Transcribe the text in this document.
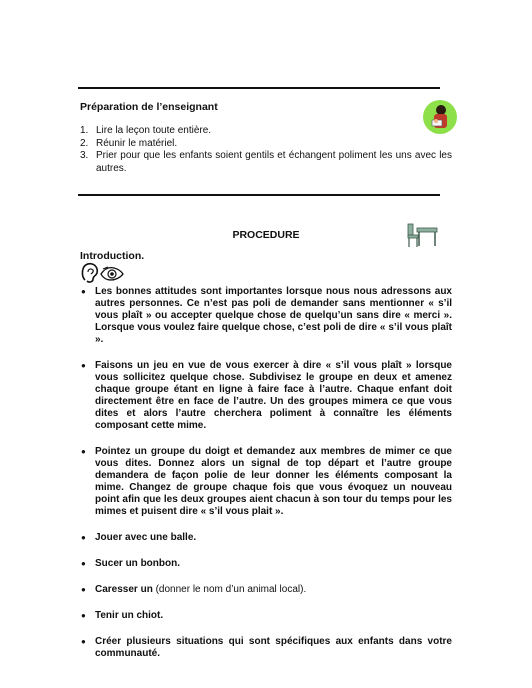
Préparation de l’enseignant
1. Lire la leçon toute entière.
2. Réunir le matériel.
3. Prier pour que les enfants soient gentils et échangent poliment les uns avec les autres.
PROCEDURE
Introduction.
● Les bonnes attitudes sont importantes lorsque nous nous adressons aux autres personnes. Ce n’est pas poli de demander sans mentionner « s’il vous plaît » ou accepter quelque chose de quelqu’un sans dire « merci ». Lorsque vous voulez faire quelque chose, c’est poli de dire « s’il vous plaît ».
● Faisons un jeu en vue de vous exercer à dire « s’il vous plaît » lorsque vous sollicitez quelque chose. Subdivisez le groupe en deux et amenez chaque groupe étant en ligne à faire face à l’autre. Chaque enfant doit directement être en face de l’autre. Un des groupes mimera ce que vous dites et alors l’autre cherchera poliment à connaître les éléments composant cette mime.
● Pointez un groupe du doigt et demandez aux membres de mimer ce que vous dites. Donnez alors un signal de top départ et l’autre groupe demandera de façon polie de leur donner les éléments composant la mime. Changez de groupe chaque fois que vous évoquez un nouveau point afin que les deux groupes aient chacun à son tour du temps pour les mimes et puisent dire « s’il vous plait ».
● Jouer avec une balle.
● Sucer un bonbon.
● Caresser un (donner le nom d’un animal local).
● Tenir un chiot.
● Créer plusieurs situations qui sont spécifiques aux enfants dans votre communauté.
